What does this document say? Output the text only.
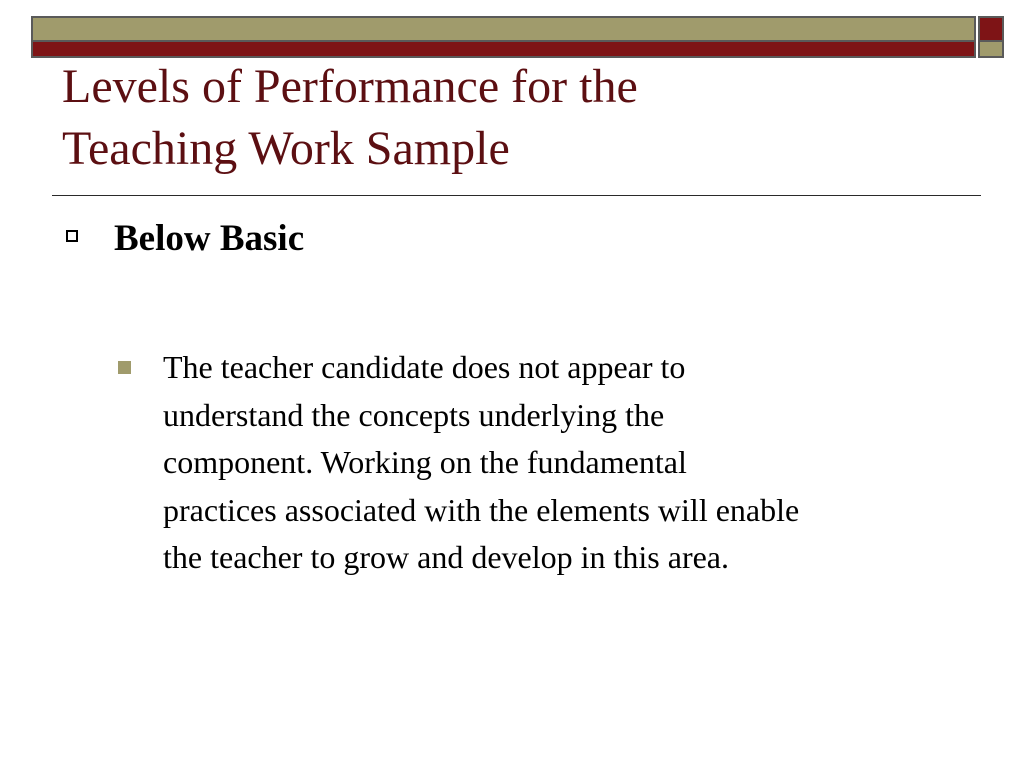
Levels of Performance for the
Teaching Work Sample
Below Basic

The teacher candidate does not appear to
understand the concepts underlying the
component. Working on the fundamental
practices associated with the elements will enable
the teacher to grow and develop in this area.
